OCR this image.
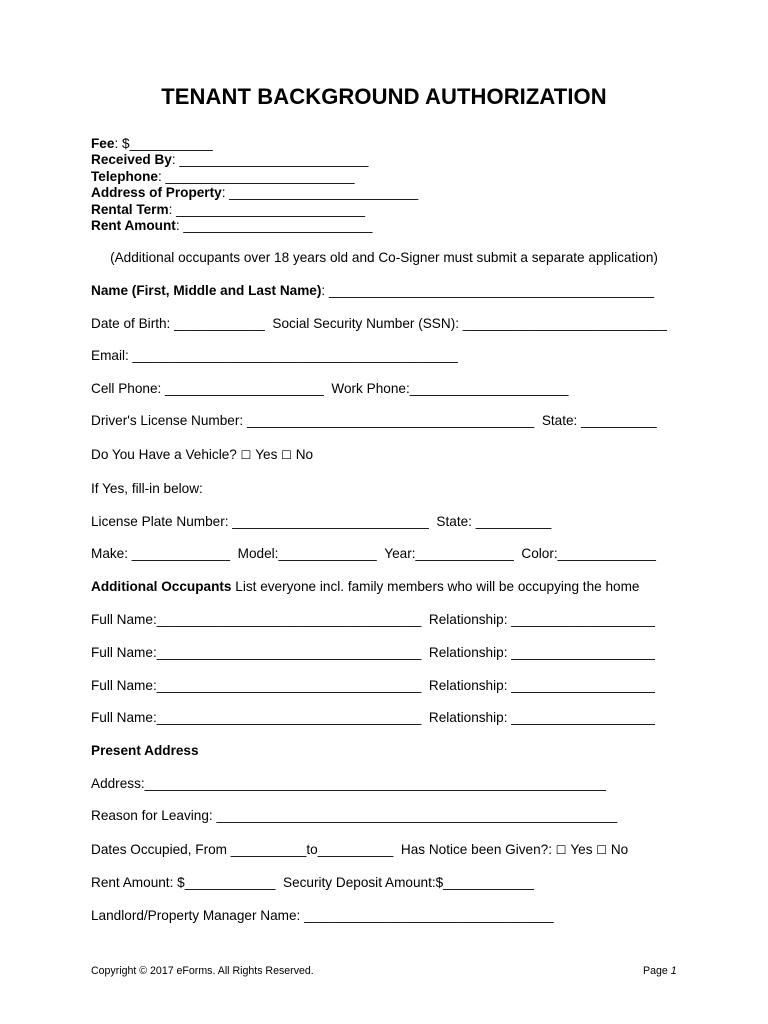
TENANT BACKGROUND AUTHORIZATION
Fee: $___________
Received By: _________________________
Telephone: _________________________
Address of Property: _________________________
Rental Term: _________________________
Rent Amount: _________________________
(Additional occupants over 18 years old and Co-Signer must submit a separate application)
Name (First, Middle and Last Name): ___________________________________________
Date of Birth: ____________ Social Security Number (SSN): ___________________________
Email: ___________________________________________
Cell Phone: _____________________ Work Phone:_____________________
Driver's License Number: ______________________________________ State: __________
Do You Have a Vehicle? ☐ Yes ☐ No
If Yes, fill-in below:
License Plate Number: __________________________ State: __________
Make: _____________ Model:_____________ Year:_____________ Color:_____________
Additional Occupants List everyone incl. family members who will be occupying the home
Full Name:___________________________________ Relationship: ___________________
Full Name:___________________________________ Relationship: ___________________
Full Name:___________________________________ Relationship: ___________________
Full Name:___________________________________ Relationship: ___________________
Present Address
Address:_____________________________________________________________
Reason for Leaving: _____________________________________________________
Dates Occupied, From __________to__________ Has Notice been Given?: ☐ Yes ☐ No
Rent Amount: $____________ Security Deposit Amount:$____________
Landlord/Property Manager Name: _________________________________
Copyright © 2017 eForms. All Rights Reserved.	Page 1
